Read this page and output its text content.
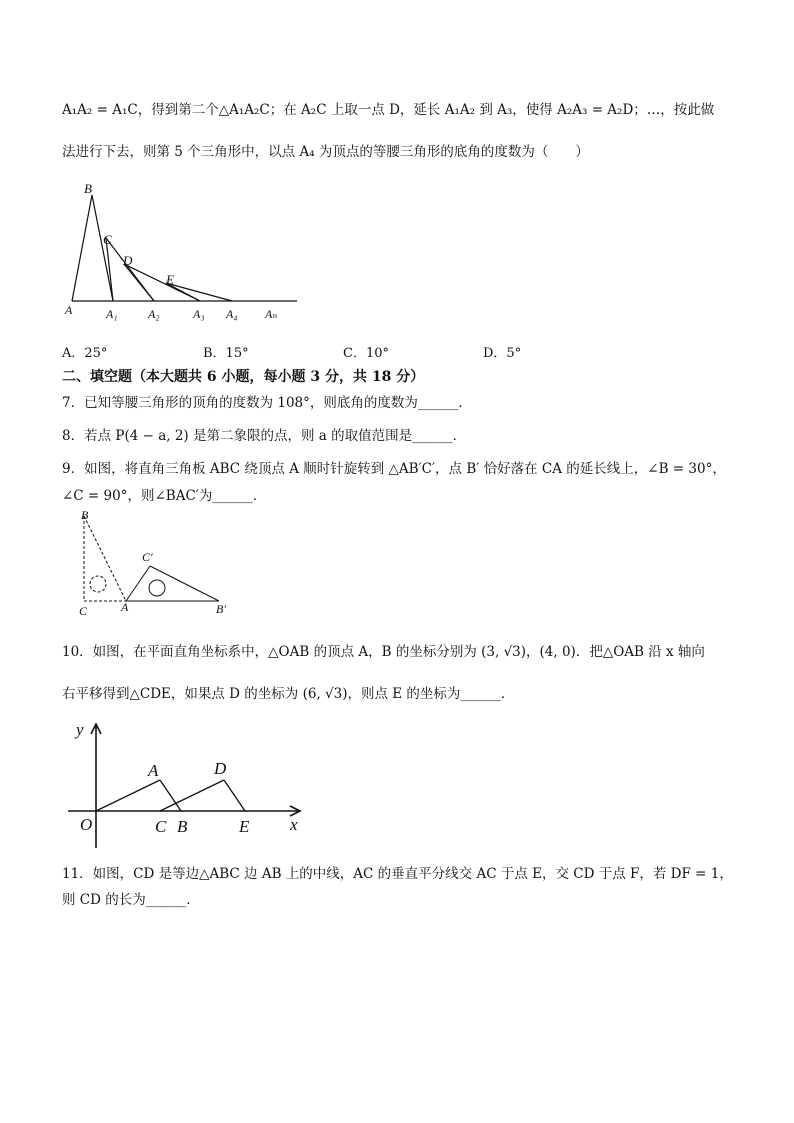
A₁A₂ = A₁C，得到第二个△A₁A₂C；在 A₂C 上取一点 D，延长 A₁A₂ 到 A₃，使得 A₂A₃ = A₂D；…，按此做
法进行下去，则第 5 个三角形中，以点 A₄ 为顶点的等腰三角形的底角的度数为（　　）
B
C
D
E
A	A₁	A₂	A₃ A₄ Aₙ
A．25°	B．15°	C．10°	D．5°
二、填空题（本大题共 6 小题，每小题 3 分，共 18 分）
7．已知等腰三角形的顶角的度数为 108°，则底角的度数为______．
8．若点 P(4 − a, 2) 是第二象限的点，则 a 的取值范围是______．
9．如图，将直角三角板 ABC 绕顶点 A 顺时针旋转到 △AB′C′，点 B′ 恰好落在 CA 的延长线上，∠B = 30°，
∠C = 90°，则∠BAC′为______．
B
C	A
C′
B′
10．如图，在平面直角坐标系中，△OAB 的顶点 A，B 的坐标分别为 (3, √3)，(4, 0)．把△OAB 沿 x 轴向
右平移得到△CDE，如果点 D 的坐标为 (6, √3)，则点 E 的坐标为______．
y
x
O
A	D
C B	E
11．如图，CD 是等边△ABC 边 AB 上的中线，AC 的垂直平分线交 AC 于点 E，交 CD 于点 F，若 DF = 1，
则 CD 的长为______．
